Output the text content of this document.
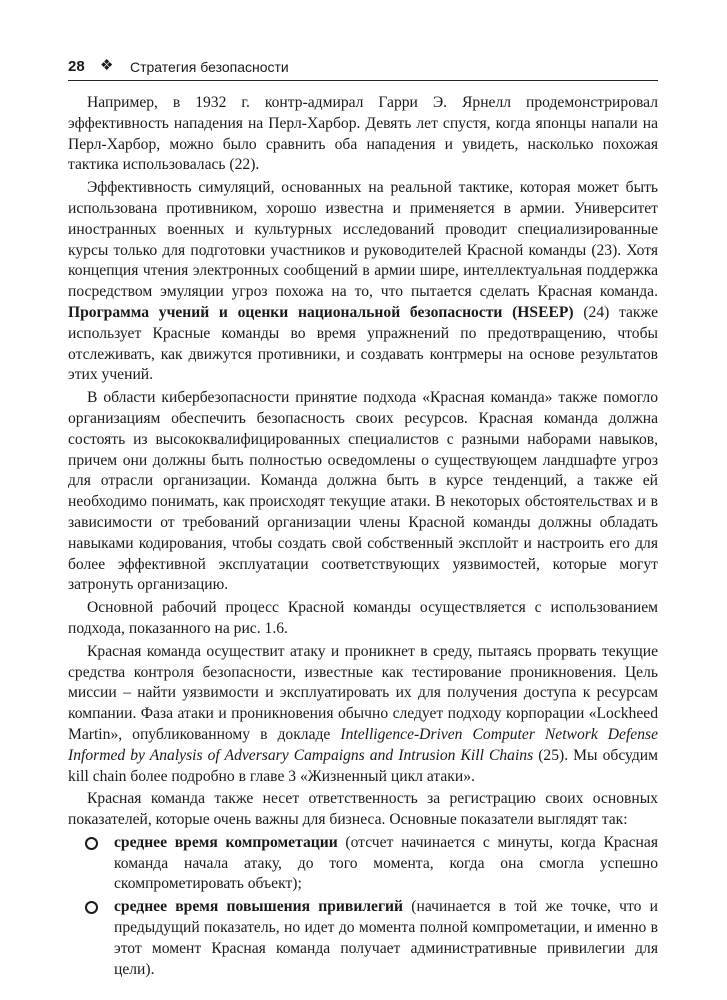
28 ❖ Стратегия безопасности

Например, в 1932 г. контр-адмирал Гарри Э. Ярнелл продемонстрировал эффективность нападения на Перл-Харбор. Девять лет спустя, когда японцы напали на Перл-Харбор, можно было сравнить оба нападения и увидеть, насколько похожая тактика использовалась (22).

Эффективность симуляций, основанных на реальной тактике, которая может быть использована противником, хорошо известна и применяется в армии. Университет иностранных военных и культурных исследований проводит специализированные курсы только для подготовки участников и руководителей Красной команды (23). Хотя концепция чтения электронных сообщений в армии шире, интеллектуальная поддержка посредством эмуляции угроз похожа на то, что пытается сделать Красная команда. Программа учений и оценки национальной безопасности (HSEEP) (24) также использует Красные команды во время упражнений по предотвращению, чтобы отслеживать, как движутся противники, и создавать контрмеры на основе результатов этих учений.

В области кибербезопасности принятие подхода «Красная команда» также помогло организациям обеспечить безопасность своих ресурсов. Красная команда должна состоять из высококвалифицированных специалистов с разными наборами навыков, причем они должны быть полностью осведомлены о существующем ландшафте угроз для отрасли организации. Команда должна быть в курсе тенденций, а также ей необходимо понимать, как происходят текущие атаки. В некоторых обстоятельствах и в зависимости от требований организации члены Красной команды должны обладать навыками кодирования, чтобы создать свой собственный эксплойт и настроить его для более эффективной эксплуатации соответствующих уязвимостей, которые могут затронуть организацию.

Основной рабочий процесс Красной команды осуществляется с использованием подхода, показанного на рис. 1.6.

Красная команда осуществит атаку и проникнет в среду, пытаясь прорвать текущие средства контроля безопасности, известные как тестирование проникновения. Цель миссии – найти уязвимости и эксплуатировать их для получения доступа к ресурсам компании. Фаза атаки и проникновения обычно следует подходу корпорации «Lockheed Martin», опубликованному в докладе Intelligence-Driven Computer Network Defense Informed by Analysis of Adversary Campaigns and Intrusion Kill Chains (25). Мы обсудим kill chain более подробно в главе 3 «Жизненный цикл атаки».

Красная команда также несет ответственность за регистрацию своих основных показателей, которые очень важны для бизнеса. Основные показатели выглядят так:

среднее время компрометации (отсчет начинается с минуты, когда Красная команда начала атаку, до того момента, когда она смогла успешно скомпрометировать объект);
среднее время повышения привилегий (начинается в той же точке, что и предыдущий показатель, но идет до момента полной компрометации, и именно в этот момент Красная команда получает административные привилегии для цели).
